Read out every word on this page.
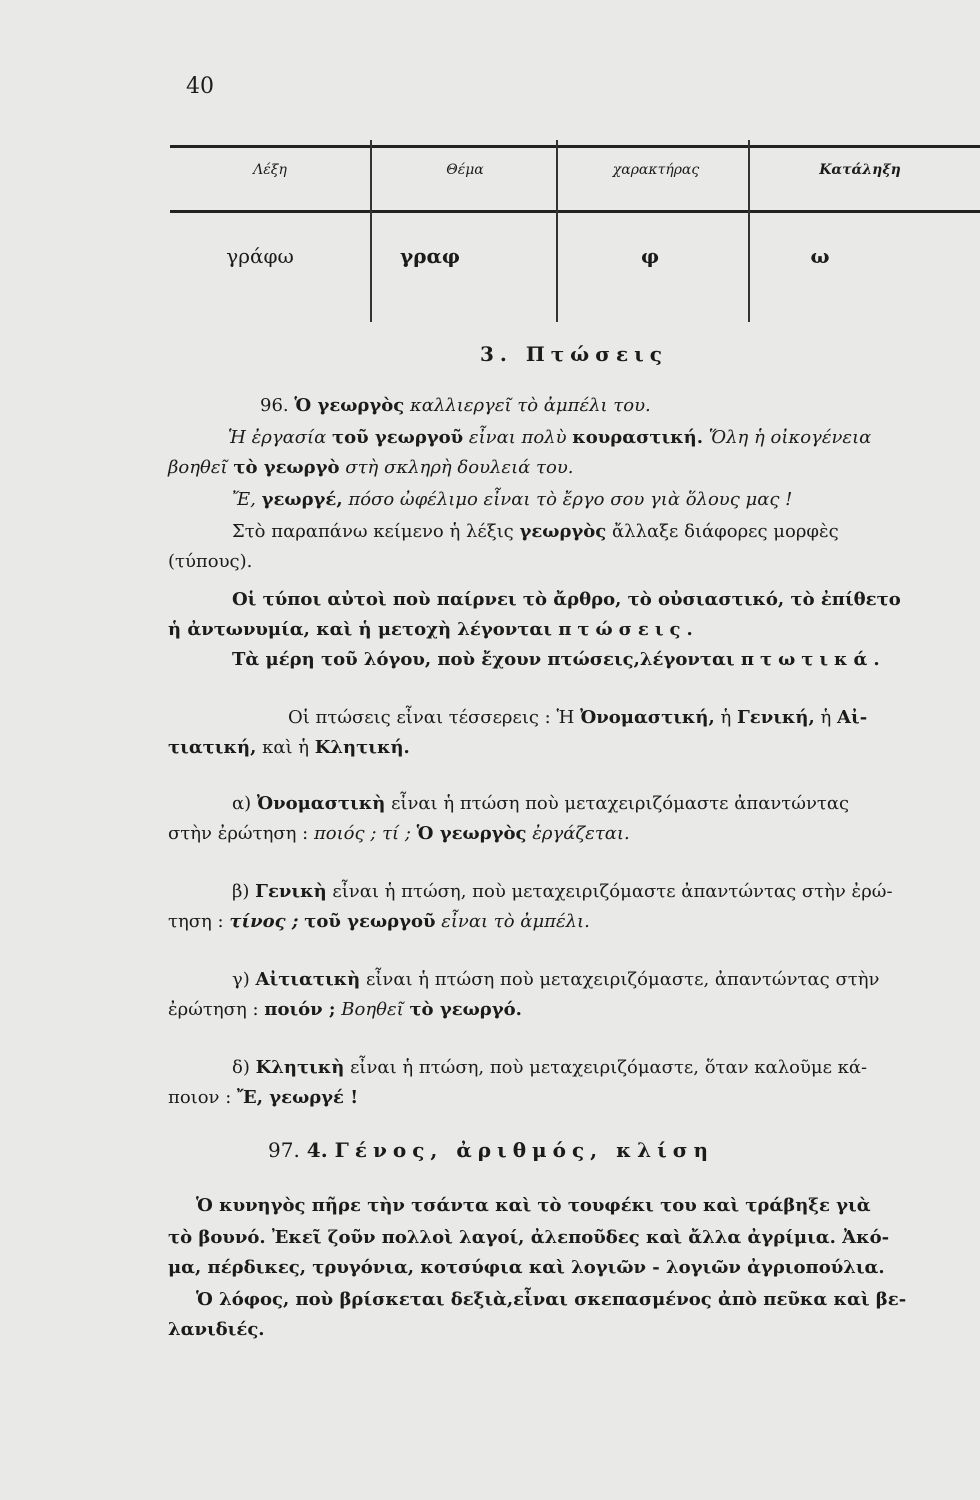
40
Λέξη	Θέμα	χαρακτήρας	Κατάληξη
γράφω	γραφ	φ	ω
3. Πτώσεις
96. Ὁ γεωργὸς καλλιεργεῖ τὸ ἀμπέλι του.
Ἡ ἐργασία τοῦ γεωργοῦ εἶναι πολὺ κουραστική. Ὅλη ἡ οἰκογένεια
βοηθεῖ τὸ γεωργὸ στὴ σκληρὴ δουλειά του.
Ἔ, γεωργέ, πόσο ὠφέλιμο εἶναι τὸ ἔργο σου γιὰ ὅλους μας !
Στὸ παραπάνω κείμενο ἡ λέξις γεωργὸς ἄλλαξε διάφορες μορφὲς
(τύπους).
Οἱ τύποι αὐτοὶ ποὺ παίρνει τὸ ἄρθρο, τὸ οὐσιαστικό, τὸ ἐπίθετο
ἡ ἀντωνυμία, καὶ ἡ μετοχὴ λέγονται πτώσεις.
Τὰ μέρη τοῦ λόγου, ποὺ ἔχουν πτώσεις,λέγονται πτωτικά.
Οἱ πτώσεις εἶναι τέσσερεις : Ἡ Ὀνομαστική, ἡ Γενική, ἡ Αἰ-
τιατική, καὶ ἡ Κλητική.
α) Ὀνομαστικὴ εἶναι ἡ πτώση ποὺ μεταχειριζόμαστε ἀπαντώντας
στὴν ἐρώτηση : ποιός ; τί ; Ὁ γεωργὸς ἐργάζεται.
β) Γενικὴ εἶναι ἡ πτώση, ποὺ μεταχειριζόμαστε ἀπαντώντας στὴν ἐρώ-
τηση : τίνος ; τοῦ γεωργοῦ εἶναι τὸ ἀμπέλι.
γ) Αἰτιατικὴ εἶναι ἡ πτώση ποὺ μεταχειριζόμαστε, ἀπαντώντας στὴν
ἐρώτηση : ποιόν ; Βοηθεῖ τὸ γεωργό.
δ) Κλητικὴ εἶναι ἡ πτώση, ποὺ μεταχειριζόμαστε, ὅταν καλοῦμε κά-
ποιον : Ἔ, γεωργέ !
97. 4. Γένος, ἀριθμός, κλίση
Ὁ κυνηγὸς πῆρε τὴν τσάντα καὶ τὸ τουφέκι του καὶ τράβηξε γιὰ
τὸ βουνό. Ἐκεῖ ζοῦν πολλοὶ λαγοί, ἀλεποῦδες καὶ ἄλλα ἀγρίμια. Ἀκό-
μα, πέρδικες, τρυγόνια, κοτσύφια καὶ λογιῶν - λογιῶν ἀγριοπούλια.
Ὁ λόφος, ποὺ βρίσκεται δεξιὰ,εἶναι σκεπασμένος ἀπὸ πεῦκα καὶ βε-
λανιδιές.
